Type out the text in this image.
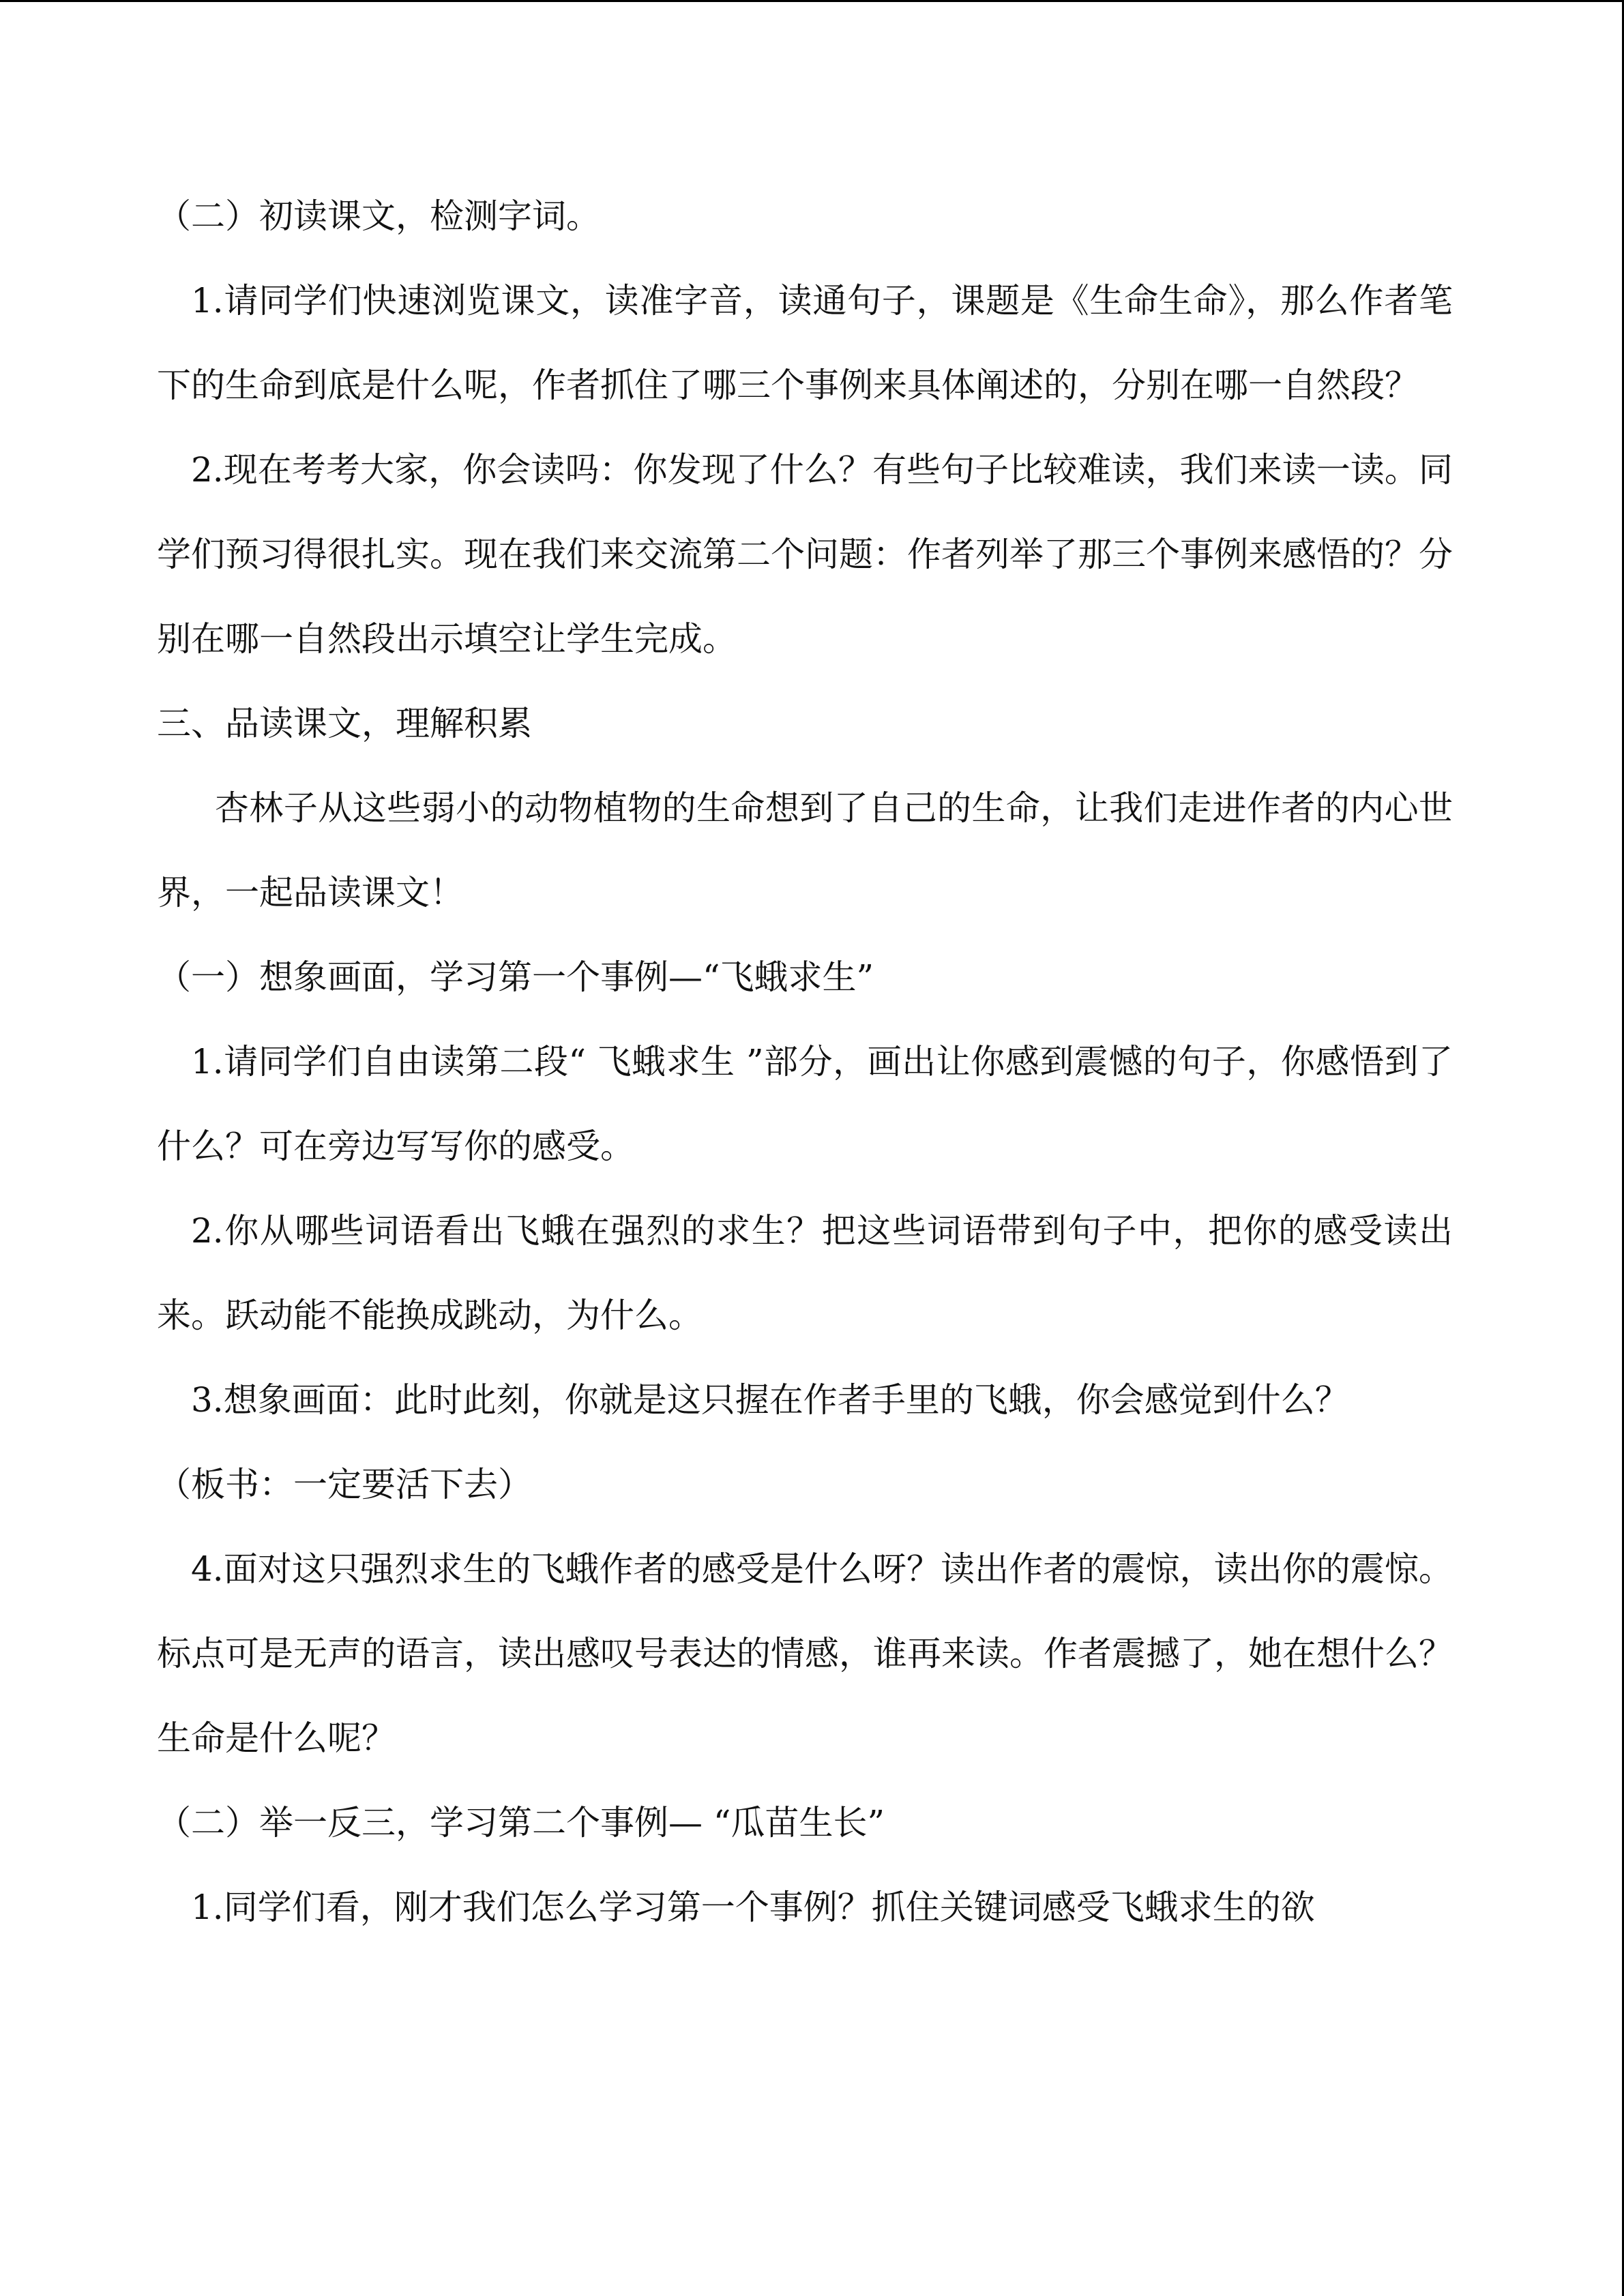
（二）初读课文，检测字词。

1.请同学们快速浏览课文，读准字音，读通句子，课题是《生命生命》，那么作者笔下的生命到底是什么呢，作者抓住了哪三个事例来具体阐述的，分别在哪一自然段？

2.现在考考大家，你会读吗：你发现了什么？有些句子比较难读，我们来读一读。同学们预习得很扎实。现在我们来交流第二个问题：作者列举了那三个事例来感悟的？分别在哪一自然段出示填空让学生完成。

三、品读课文，理解积累

杏林子从这些弱小的动物植物的生命想到了自己的生命，让我们走进作者的内心世界，一起品读课文！

（一）想象画面，学习第一个事例—“飞蛾求生”

1.请同学们自由读第二段“ 飞蛾求生 ”部分，画出让你感到震憾的句子，你感悟到了什么？可在旁边写写你的感受。

2.你从哪些词语看出飞蛾在强烈的求生？把这些词语带到句子中，把你的感受读出来。跃动能不能换成跳动，为什么。

3.想象画面：此时此刻，你就是这只握在作者手里的飞蛾，你会感觉到什么？

（板书：一定要活下去）

4.面对这只强烈求生的飞蛾作者的感受是什么呀？读出作者的震惊，读出你的震惊。标点可是无声的语言，读出感叹号表达的情感，谁再来读。作者震撼了，她在想什么？生命是什么呢？

（二）举一反三，学习第二个事例— “瓜苗生长”

1.同学们看，刚才我们怎么学习第一个事例？抓住关键词感受飞蛾求生的欲
